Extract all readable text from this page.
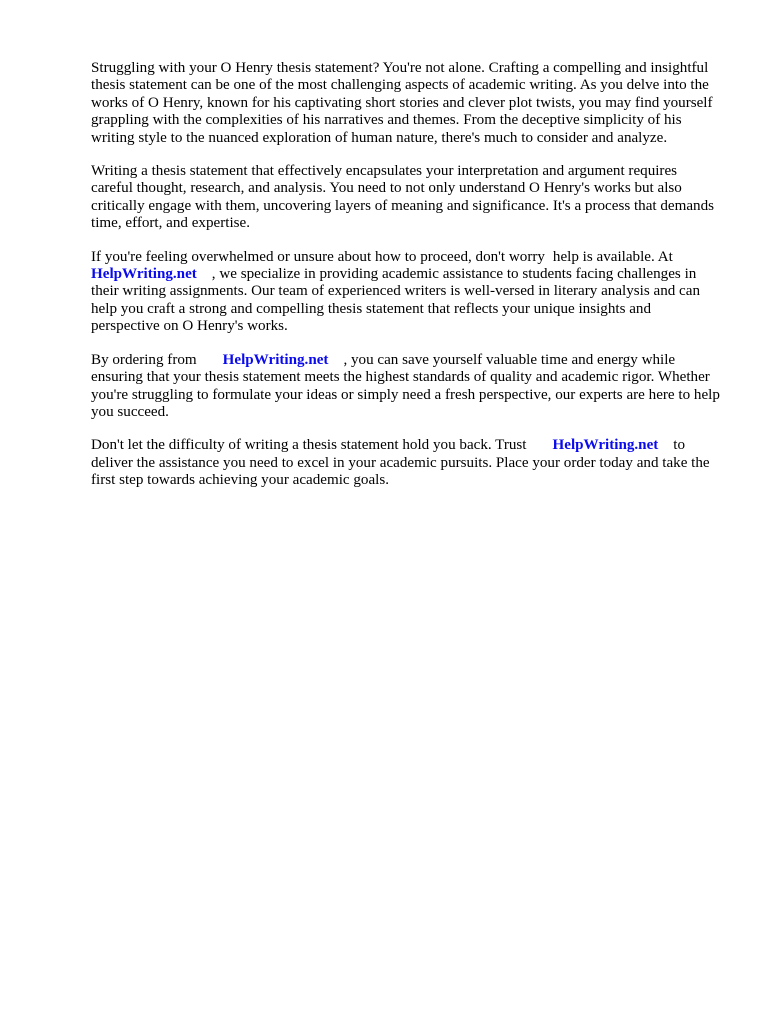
Struggling with your O Henry thesis statement? You're not alone. Crafting a compelling and insightful thesis statement can be one of the most challenging aspects of academic writing. As you delve into the works of O Henry, known for his captivating short stories and clever plot twists, you may find yourself grappling with the complexities of his narratives and themes. From the deceptive simplicity of his writing style to the nuanced exploration of human nature, there's much to consider and analyze.

Writing a thesis statement that effectively encapsulates your interpretation and argument requires careful thought, research, and analysis. You need to not only understand O Henry's works but also critically engage with them, uncovering layers of meaning and significance. It's a process that demands time, effort, and expertise.

If you're feeling overwhelmed or unsure about how to proceed, don't worry help is available. At HelpWriting.net , we specialize in providing academic assistance to students facing challenges in their writing assignments. Our team of experienced writers is well-versed in literary analysis and can help you craft a strong and compelling thesis statement that reflects your unique insights and perspective on O Henry's works.

By ordering from HelpWriting.net , you can save yourself valuable time and energy while ensuring that your thesis statement meets the highest standards of quality and academic rigor. Whether you're struggling to formulate your ideas or simply need a fresh perspective, our experts are here to help you succeed.

Don't let the difficulty of writing a thesis statement hold you back. Trust HelpWriting.net to deliver the assistance you need to excel in your academic pursuits. Place your order today and take the first step towards achieving your academic goals.
